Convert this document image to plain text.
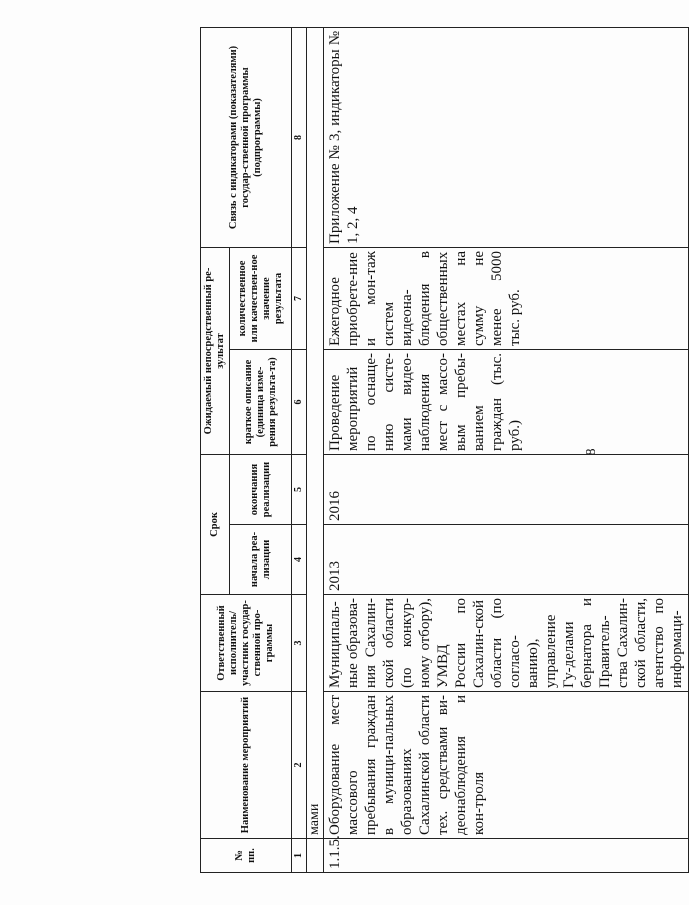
8
№ пп.	Наименование мероприятий	Ответственный исполнитель/ участник государ-ственной про-граммы	Срок		Ожидаемый непосредственный ре-зультат		Связь с индикаторами (показателями) государ-ственной программы (подпрограммы)
			начала реа-лизации	окончания реализации	краткое описание (единица изме-рения результа-та)	количественное или качествен-ное значение результата	
1	2	3	4	5	6	7	8
	мами						
1.1.5.	Оборудование мест массового пребывания граждан в муници-пальных образованиях Сахалинской области тех. средствами ви-деонаблюдения и кон-троля	Муниципаль-ные образова-ния Сахалин-ской области (по конкур-ному отбору), УМВД России по Сахалин-ской области (по согласо-ванию), управление Гу-делами бернатора и Правитель-ства Сахалин-ской области, агентство по информаци-	2013	2016	Проведение мероприятий по оснаще-нию систе-мами видео-наблюдения мест с массо-вым пребы-ванием граждан (тыс. руб.)	Ежегодное приобрете-ние и мон-таж систем видеона-блюдения в общественных местах на сумму не менее 5000 тыс. руб.	Приложение № 3, индикаторы № 1, 2, 4
